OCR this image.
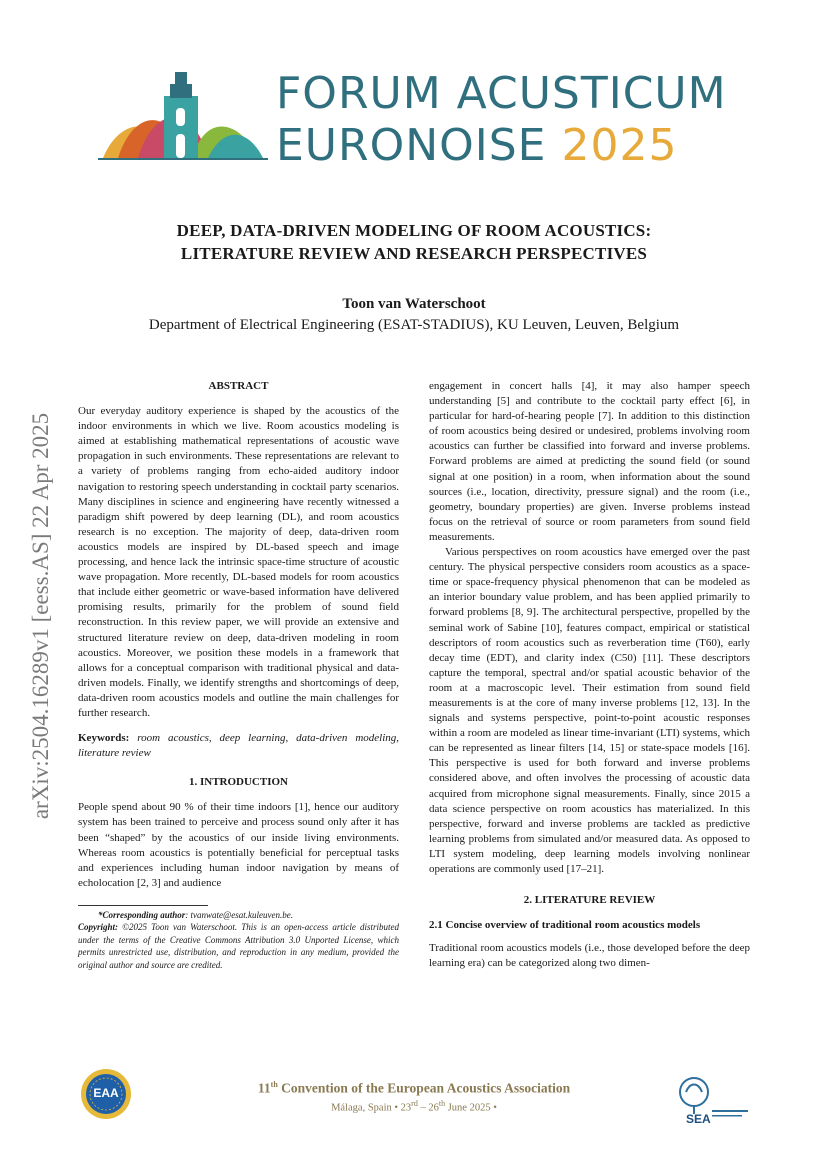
FORUM ACUSTICUM
EURONOISE 2025
DEEP, DATA-DRIVEN MODELING OF ROOM ACOUSTICS:
LITERATURE REVIEW AND RESEARCH PERSPECTIVES
Toon van Waterschoot
Department of Electrical Engineering (ESAT-STADIUS), KU Leuven, Leuven, Belgium
arXiv:2504.16289v1 [eess.AS] 22 Apr 2025
ABSTRACT

Our everyday auditory experience is shaped by the acoustics of the indoor environments in which we live. Room acoustics modeling is aimed at establishing mathematical representations of acoustic wave propagation in such environments. These representations are relevant to a variety of problems ranging from echo-aided auditory indoor navigation to restoring speech understanding in cocktail party scenarios. Many disciplines in science and engineering have recently witnessed a paradigm shift powered by deep learning (DL), and room acoustics research is no exception. The majority of deep, data-driven room acoustics models are inspired by DL-based speech and image processing, and hence lack the intrinsic space-time structure of acoustic wave propagation. More recently, DL-based models for room acoustics that include either geometric or wave-based information have delivered promising results, primarily for the problem of sound field reconstruction. In this review paper, we will provide an extensive and structured literature review on deep, data-driven modeling in room acoustics. Moreover, we position these models in a framework that allows for a conceptual comparison with traditional physical and data-driven models. Finally, we identify strengths and shortcomings of deep, data-driven room acoustics models and outline the main challenges for further research.

Keywords: room acoustics, deep learning, data-driven modeling, literature review

1. INTRODUCTION

People spend about 90 % of their time indoors [1], hence our auditory system has been trained to perceive and process sound only after it has been “shaped” by the acoustics of our inside living environments. Whereas room acoustics is potentially beneficial for perceptual tasks and experiences including human indoor navigation by means of echolocation [2, 3] and audience

*Corresponding author: tvanwate@esat.kuleuven.be.

Copyright: ©2025 Toon van Waterschoot. This is an open-access article distributed under the terms of the Creative Commons Attribution 3.0 Unported License, which permits unrestricted use, distribution, and reproduction in any medium, provided the original author and source are credited.

engagement in concert halls [4], it may also hamper speech understanding [5] and contribute to the cocktail party effect [6], in particular for hard-of-hearing people [7]. In addition to this distinction of room acoustics being desired or undesired, problems involving room acoustics can further be classified into forward and inverse problems. Forward problems are aimed at predicting the sound field (or sound signal at one position) in a room, when information about the sound sources (i.e., location, directivity, pressure signal) and the room (i.e., geometry, boundary properties) are given. Inverse problems instead focus on the retrieval of source or room parameters from sound field measurements.

Various perspectives on room acoustics have emerged over the past century. The physical perspective considers room acoustics as a space-time or space-frequency physical phenomenon that can be modeled as an interior boundary value problem, and has been applied primarily to forward problems [8, 9]. The architectural perspective, propelled by the seminal work of Sabine [10], features compact, empirical or statistical descriptors of room acoustics such as reverberation time (T60), early decay time (EDT), and clarity index (C50) [11]. These descriptors capture the temporal, spectral and/or spatial acoustic behavior of the room at a macroscopic level. Their estimation from sound field measurements is at the core of many inverse problems [12, 13]. In the signals and systems perspective, point-to-point acoustic responses within a room are modeled as linear time-invariant (LTI) systems, which can be represented as linear filters [14, 15] or state-space models [16]. This perspective is used for both forward and inverse problems considered above, and often involves the processing of acoustic data acquired from microphone signal measurements. Finally, since 2015 a data science perspective on room acoustics has materialized. In this perspective, forward and inverse problems are tackled as predictive learning problems from simulated and/or measured data. As opposed to LTI system modeling, deep learning models involving nonlinear operations are commonly used [17–21].

2. LITERATURE REVIEW
2.1 Concise overview of traditional room acoustics models

Traditional room acoustics models (i.e., those developed before the deep learning era) can be categorized along two dimen-

EAA	11th Convention of the European Acoustics Association
Málaga, Spain • 23rd – 26th June 2025 •
SEA
